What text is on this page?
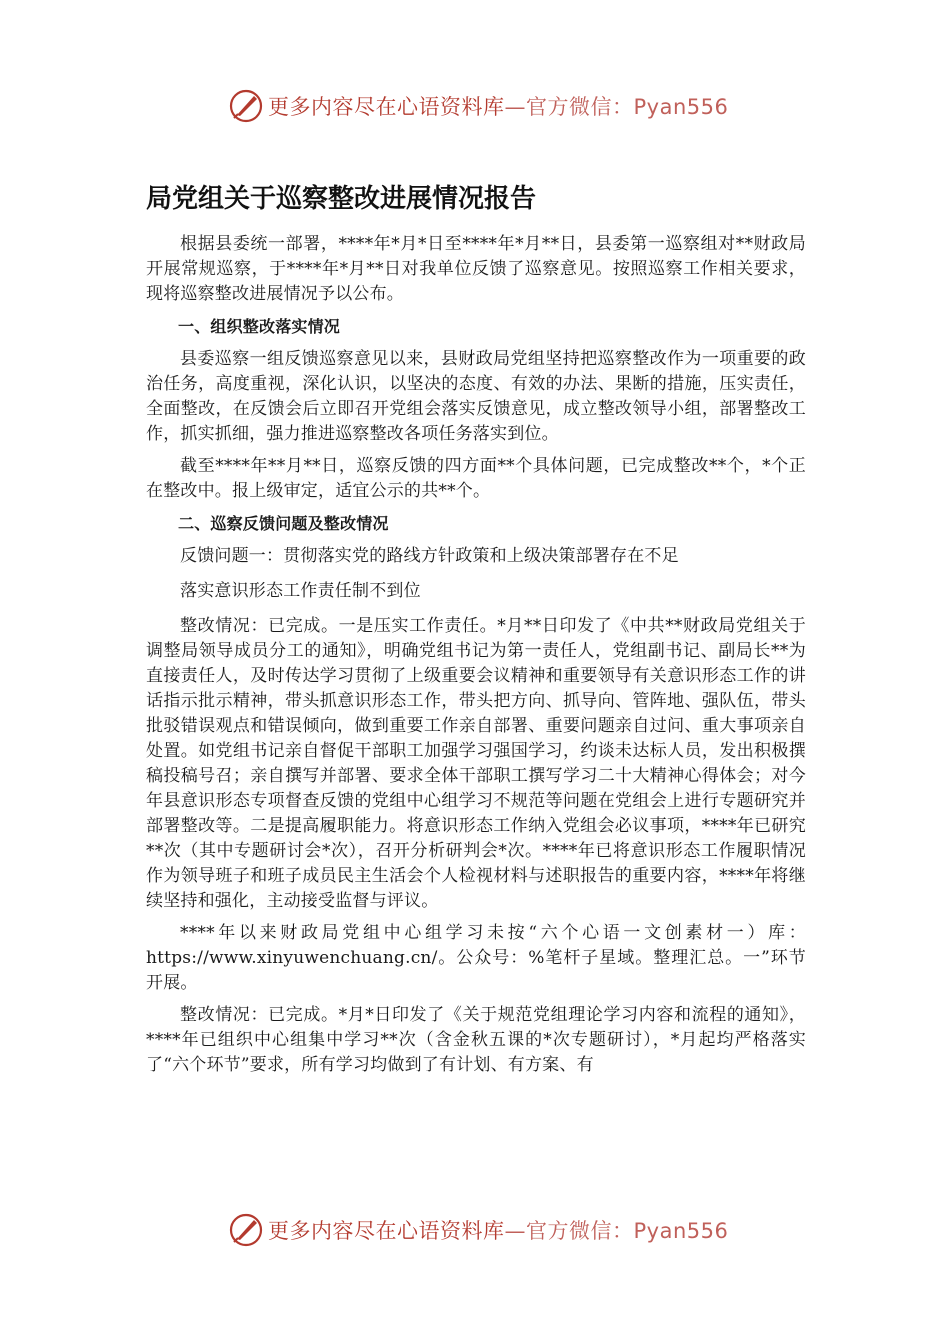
更多内容尽在心语资料库—官方微信：Pyan556
局党组关于巡察整改进展情况报告

根据县委统一部署，****年*月*日至****年*月**日，县委第一巡察组对**财政局开展常规巡察，于****年*月**日对我单位反馈了巡察意见。按照巡察工作相关要求，现将巡察整改进展情况予以公布。

一、组织整改落实情况

县委巡察一组反馈巡察意见以来，县财政局党组坚持把巡察整改作为一项重要的政治任务，高度重视，深化认识，以坚决的态度、有效的办法、果断的措施，压实责任，全面整改，在反馈会后立即召开党组会落实反馈意见，成立整改领导小组，部署整改工作，抓实抓细，强力推进巡察整改各项任务落实到位。

截至****年**月**日，巡察反馈的四方面**个具体问题，已完成整改**个，*个正在整改中。报上级审定，适宜公示的共**个。

二、巡察反馈问题及整改情况

反馈问题一：贯彻落实党的路线方针政策和上级决策部署存在不足

落实意识形态工作责任制不到位

整改情况：已完成。一是压实工作责任。*月**日印发了《中共**财政局党组关于调整局领导成员分工的通知》，明确党组书记为第一责任人，党组副书记、副局长**为直接责任人，及时传达学习贯彻了上级重要会议精神和重要领导有关意识形态工作的讲话指示批示精神，带头抓意识形态工作，带头把方向、抓导向、管阵地、强队伍，带头批驳错误观点和错误倾向，做到重要工作亲自部署、重要问题亲自过问、重大事项亲自处置。如党组书记亲自督促干部职工加强学习强国学习，约谈未达标人员，发出积极撰稿投稿号召；亲自撰写并部署、要求全体干部职工撰写学习二十大精神心得体会；对今年县意识形态专项督查反馈的党组中心组学习不规范等问题在党组会上进行专题研究并部署整改等。二是提高履职能力。将意识形态工作纳入党组会必议事项，****年已研究**次（其中专题研讨会*次），召开分析研判会*次。****年已将意识形态工作履职情况作为领导班子和班子成员民主生活会个人检视材料与述职报告的重要内容，****年将继续坚持和强化，主动接受监督与评议。

****年以来财政局党组中心组学习未按“六个心语一文创素材一）库：https://www.xinyuwenchuang.cn/。公众号：%笔杆子星域。整理汇总。一”环节开展。

整改情况：已完成。*月*日印发了《关于规范党组理论学习内容和流程的通知》，****年已组织中心组集中学习**次（含金秋五课的*次专题研讨），*月起均严格落实了“六个环节”要求，所有学习均做到了有计划、有方案、有

更多内容尽在心语资料库—官方微信：Pyan556
